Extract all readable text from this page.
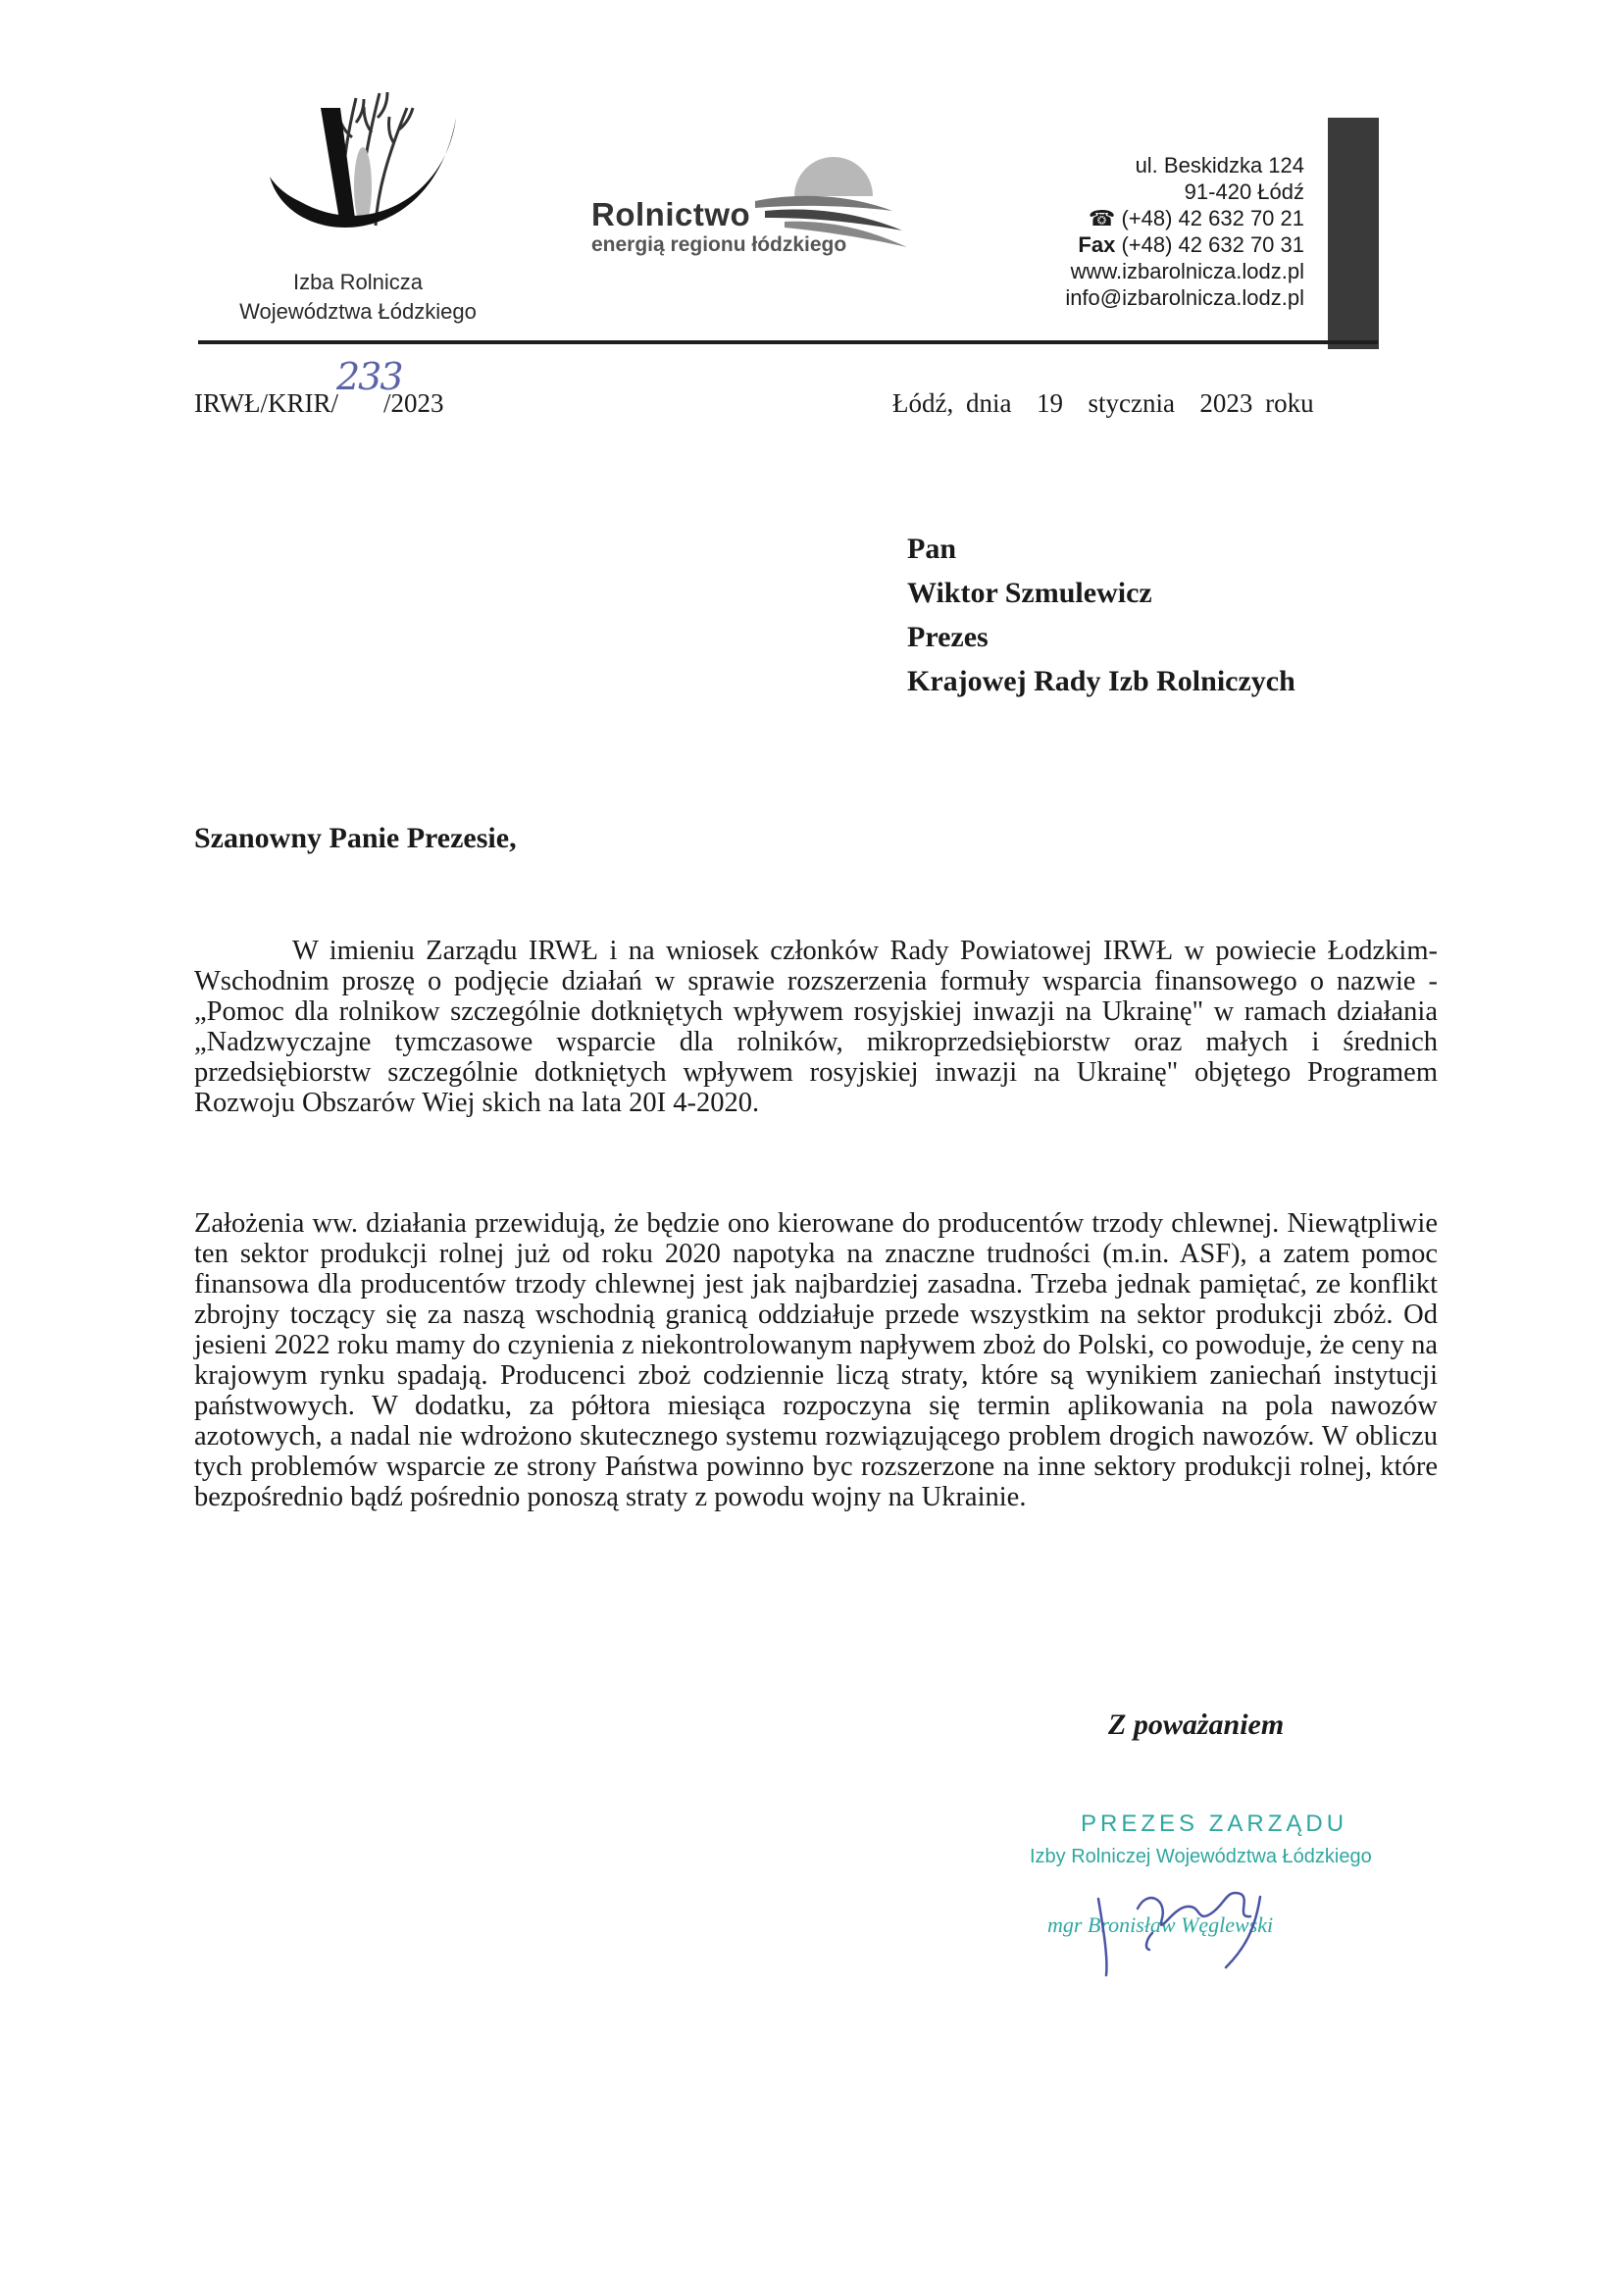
Izba Rolnicza
Województwa Łódzkiego
Rolnictwo
energią regionu łódzkiego
ul. Beskidzka 124
91-420 Łódź
☎ (+48) 42 632 70 21
Fax (+48) 42 632 70 31
www.izbarolnicza.lodz.pl
info@izbarolnicza.lodz.pl
IRWŁ/KRIR/ /2023
233
Łódź, dnia  19  stycznia  2023 roku
Pan
Wiktor Szmulewicz
Prezes
Krajowej Rady Izb Rolniczych
Szanowny Panie Prezesie,
W imieniu Zarządu IRWŁ i na wniosek członków Rady Powiatowej IRWŁ w powiecie Łodzkim-Wschodnim proszę o podjęcie działań w sprawie rozszerzenia formuły wsparcia finansowego o nazwie - „Pomoc dla rolnikow szczególnie dotkniętych wpływem rosyjskiej inwazji na Ukrainę" w ramach działania „Nadzwyczajne tymczasowe wsparcie dla rolników, mikroprzedsiębiorstw oraz małych i średnich przedsiębiorstw szczególnie dotkniętych wpływem rosyjskiej inwazji na Ukrainę" objętego Programem Rozwoju Obszarów Wiej skich na lata 20I 4-2020.
Założenia ww. działania przewidują, że będzie ono kierowane do producentów trzody chlewnej. Niewątpliwie ten sektor produkcji rolnej już od roku 2020 napotyka na znaczne trudności (m.in. ASF), a zatem pomoc finansowa dla producentów trzody chlewnej jest jak najbardziej zasadna. Trzeba jednak pamiętać, ze konflikt zbrojny toczący się za naszą wschodnią granicą oddziałuje przede wszystkim na sektor produkcji zbóż. Od jesieni 2022 roku mamy do czynienia z niekontrolowanym napływem zboż do Polski, co powoduje, że ceny na krajowym rynku spadają. Producenci zboż codziennie liczą straty, które są wynikiem zaniechań instytucji państwowych. W dodatku, za półtora miesiąca rozpoczyna się termin aplikowania na pola nawozów azotowych, a nadal nie wdrożono skutecznego systemu rozwiązującego problem drogich nawozów. W obliczu tych problemów wsparcie ze strony Państwa powinno byc rozszerzone na inne sektory produkcji rolnej, które bezpośrednio bądź pośrednio ponoszą straty z powodu wojny na Ukrainie.
Z poważaniem
PREZES ZARZĄDU
Izby Rolniczej Województwa Łódzkiego
mgr Bronisław Węglewski
